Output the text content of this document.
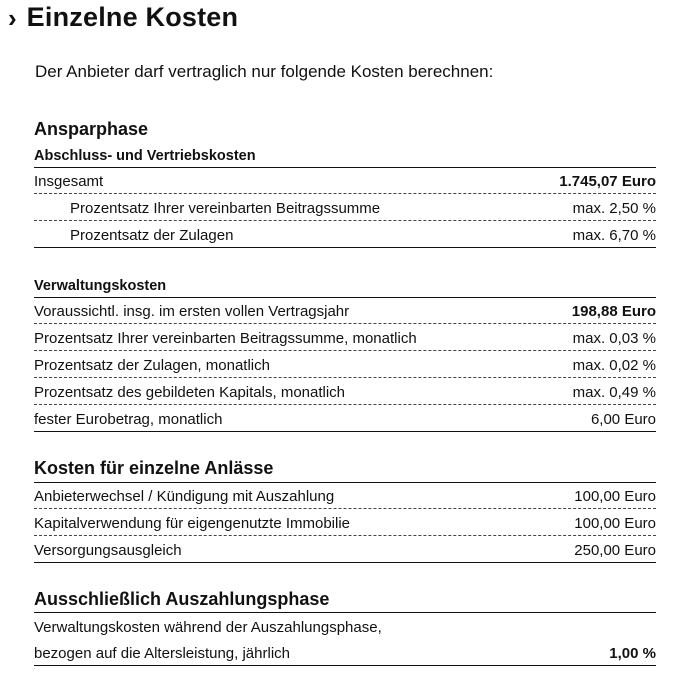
› Einzelne Kosten
Der Anbieter darf vertraglich nur folgende Kosten berechnen:
Ansparphase
Abschluss- und Vertriebskosten
Insgesamt	1.745,07 Euro
Prozentsatz Ihrer vereinbarten Beitragssumme	max. 2,50 %
Prozentsatz der Zulagen	max. 6,70 %
Verwaltungskosten
Voraussichtl. insg. im ersten vollen Vertragsjahr	198,88 Euro
Prozentsatz Ihrer vereinbarten Beitragssumme, monatlich	max. 0,03 %
Prozentsatz der Zulagen, monatlich	max. 0,02 %
Prozentsatz des gebildeten Kapitals, monatlich	max. 0,49 %
fester Eurobetrag, monatlich	6,00 Euro
Kosten für einzelne Anlässe
Anbieterwechsel / Kündigung mit Auszahlung	100,00 Euro
Kapitalverwendung für eigengenutzte Immobilie	100,00 Euro
Versorgungsausgleich	250,00 Euro
Ausschließlich Auszahlungsphase
Verwaltungskosten während der Auszahlungsphase,
bezogen auf die Altersleistung, jährlich	1,00 %
